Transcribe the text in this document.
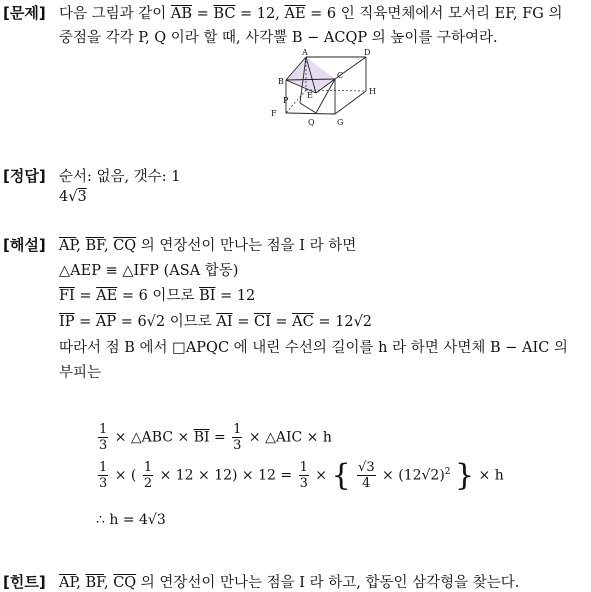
[문제] 다음 그림과 같이 $\overline{AB} = \overline{BC} = 12$, $\overline{AE} = 6$ 인 직육면체에서 모서리 EF, FG 의
중점을 각각 P, Q 이라 할 때, 사각뿔 B − ACQP 의 높이를 구하여라.
A	D
B
C
E
P
H
F
Q	G
[정답] 순서: 없음, 갯수: 1
4√3
[해설] $\overline{AP}$, $\overline{BF}$, $\overline{CQ}$ 의 연장선이 만나는 점을 I 라 하면
△AEP ≡ △IFP (ASA 합동)
$\overline{FI} = \overline{AE} = 6$ 이므로 $\overline{BI} = 12$
$\overline{IP} = \overline{AP} = 6√2$ 이므로 $\overline{AI} = \overline{CI} = \overline{AC} = 12√2$
따라서 점 B 에서 □APQC 에 내린 수선의 길이를 h 라 하면 사면체 B − AIC 의
부피는
$\frac{1}{3}$ × △ABC × $\overline{BI} = \frac{1}{3}$ × △AIC × h
$\frac{1}{3}$ × ( $\frac{1}{2} \times 12 \times 12) \times 12 = \frac{1}{3}$ × { $\frac{√3}{4} \times (12√2)^2$ } × h
∴ h = 4√3
[힌트] $\overline{AP}$, $\overline{BF}$, $\overline{CQ}$ 의 연장선이 만나는 점을 I 라 하고, 합동인 삼각형을 찾는다.
